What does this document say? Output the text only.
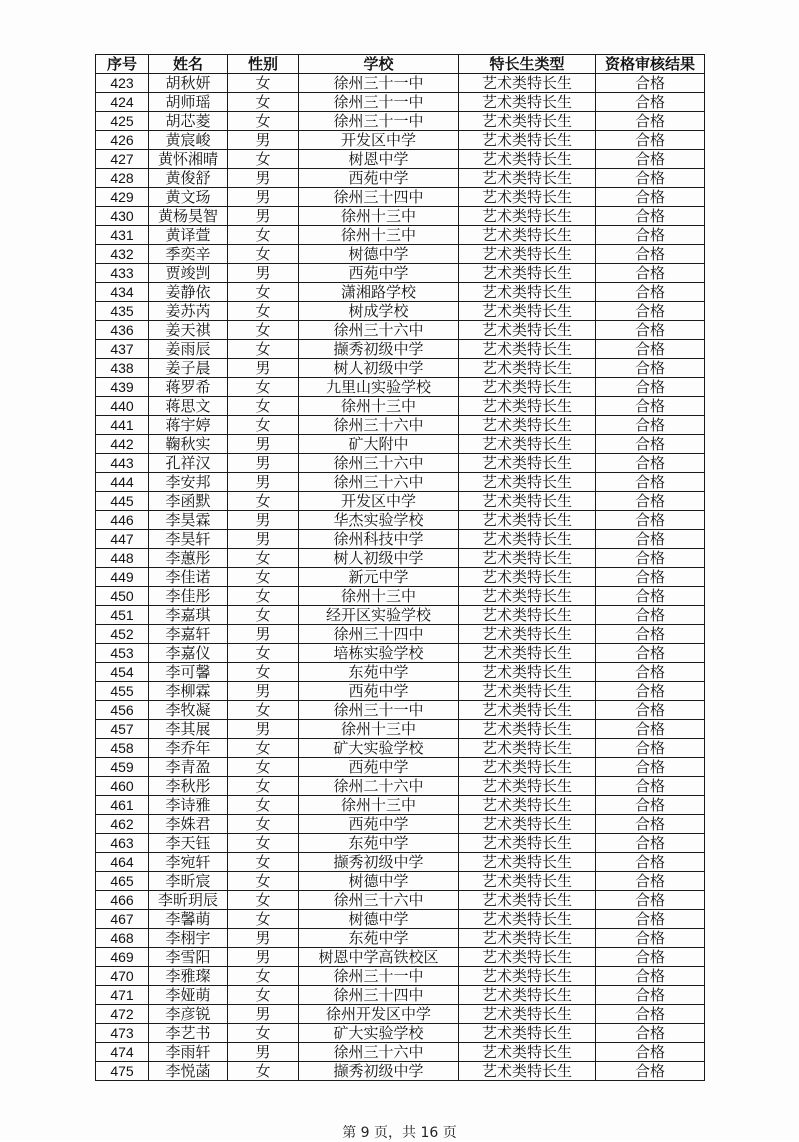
序号	姓名	性别	学校	特长生类型	资格审核结果
423	胡秋妍	女	徐州三十一中	艺术类特长生	合格
424	胡师瑶	女	徐州三十一中	艺术类特长生	合格
425	胡芯菱	女	徐州三十一中	艺术类特长生	合格
426	黄宸峻	男	开发区中学	艺术类特长生	合格
427	黄怀湘晴	女	树恩中学	艺术类特长生	合格
428	黄俊舒	男	西苑中学	艺术类特长生	合格
429	黄文玚	男	徐州三十四中	艺术类特长生	合格
430	黄杨昊智	男	徐州十三中	艺术类特长生	合格
431	黄译萱	女	徐州十三中	艺术类特长生	合格
432	季奕辛	女	树德中学	艺术类特长生	合格
433	贾竣剀	男	西苑中学	艺术类特长生	合格
434	姜静依	女	潇湘路学校	艺术类特长生	合格
435	姜苏芮	女	树成学校	艺术类特长生	合格
436	姜天祺	女	徐州三十六中	艺术类特长生	合格
437	姜雨辰	女	撷秀初级中学	艺术类特长生	合格
438	姜子晨	男	树人初级中学	艺术类特长生	合格
439	蒋罗希	女	九里山实验学校	艺术类特长生	合格
440	蒋思文	女	徐州十三中	艺术类特长生	合格
441	蒋宇婷	女	徐州三十六中	艺术类特长生	合格
442	鞠秋实	男	矿大附中	艺术类特长生	合格
443	孔祥汉	男	徐州三十六中	艺术类特长生	合格
444	李安邦	男	徐州三十六中	艺术类特长生	合格
445	李函默	女	开发区中学	艺术类特长生	合格
446	李昊霖	男	华杰实验学校	艺术类特长生	合格
447	李昊轩	男	徐州科技中学	艺术类特长生	合格
448	李蕙彤	女	树人初级中学	艺术类特长生	合格
449	李佳诺	女	新元中学	艺术类特长生	合格
450	李佳彤	女	徐州十三中	艺术类特长生	合格
451	李嘉琪	女	经开区实验学校	艺术类特长生	合格
452	李嘉轩	男	徐州三十四中	艺术类特长生	合格
453	李嘉仪	女	培栋实验学校	艺术类特长生	合格
454	李可馨	女	东苑中学	艺术类特长生	合格
455	李柳霖	男	西苑中学	艺术类特长生	合格
456	李牧凝	女	徐州三十一中	艺术类特长生	合格
457	李其展	男	徐州十三中	艺术类特长生	合格
458	李乔年	女	矿大实验学校	艺术类特长生	合格
459	李青盈	女	西苑中学	艺术类特长生	合格
460	李秋彤	女	徐州二十六中	艺术类特长生	合格
461	李诗雅	女	徐州十三中	艺术类特长生	合格
462	李姝君	女	西苑中学	艺术类特长生	合格
463	李天钰	女	东苑中学	艺术类特长生	合格
464	李宛轩	女	撷秀初级中学	艺术类特长生	合格
465	李昕宸	女	树德中学	艺术类特长生	合格
466	李昕玥辰	女	徐州三十六中	艺术类特长生	合格
467	李馨萌	女	树德中学	艺术类特长生	合格
468	李栩宇	男	东苑中学	艺术类特长生	合格
469	李雪阳	男	树恩中学高铁校区	艺术类特长生	合格
470	李雅璨	女	徐州三十一中	艺术类特长生	合格
471	李娅萌	女	徐州三十四中	艺术类特长生	合格
472	李彦锐	男	徐州开发区中学	艺术类特长生	合格
473	李艺书	女	矿大实验学校	艺术类特长生	合格
474	李雨轩	男	徐州三十六中	艺术类特长生	合格
475	李悦菡	女	撷秀初级中学	艺术类特长生	合格
第 9 页，共 16 页
